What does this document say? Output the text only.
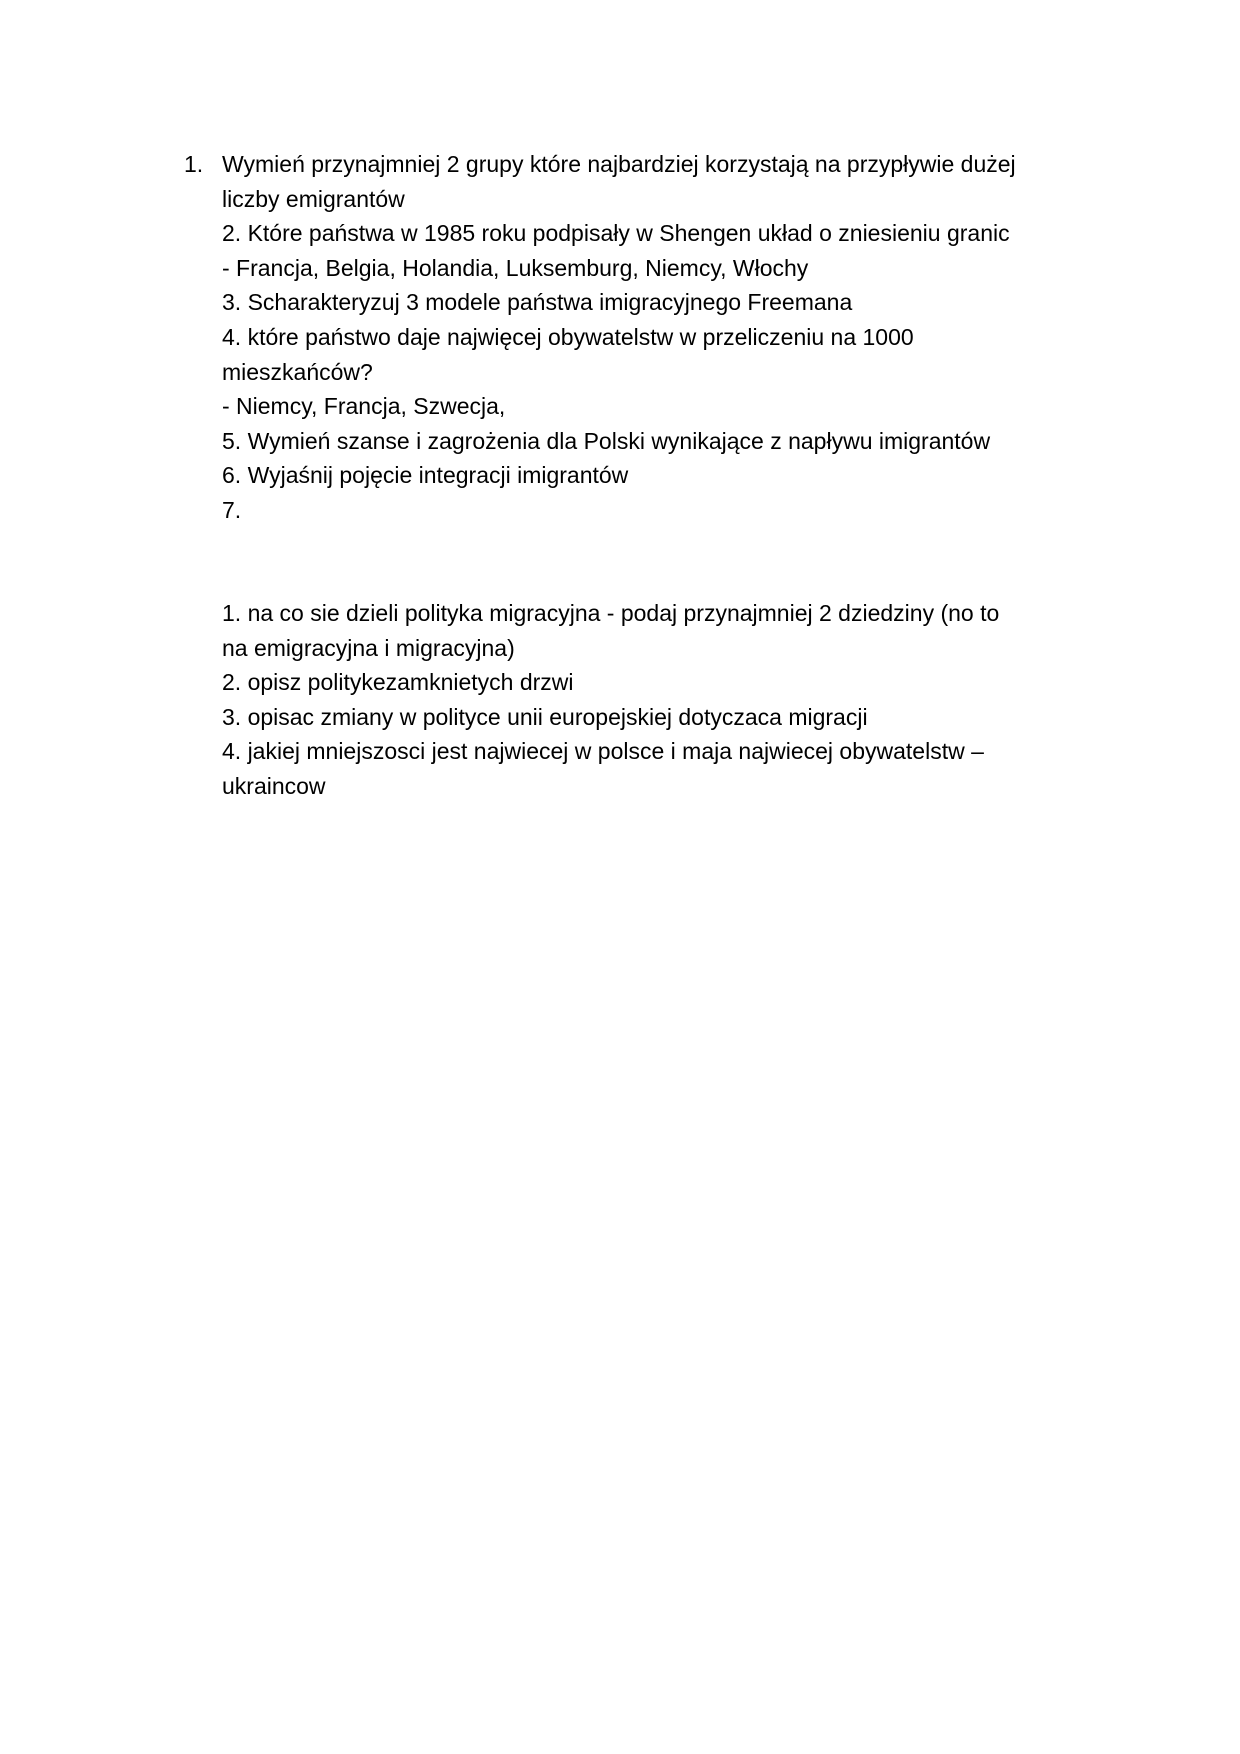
1. Wymień przynajmniej 2 grupy które najbardziej korzystają na przypływie dużej
liczby emigrantów
2. Które państwa w 1985 roku podpisały w Shengen układ o zniesieniu granic
- Francja, Belgia, Holandia, Luksemburg, Niemcy, Włochy
3. Scharakteryzuj 3 modele państwa imigracyjnego Freemana
4. które państwo daje najwięcej obywatelstw w przeliczeniu na 1000
mieszkańców?
- Niemcy, Francja, Szwecja,
5. Wymień szanse i zagrożenia dla Polski wynikające z napływu imigrantów
6. Wyjaśnij pojęcie integracji imigrantów
7.
1. na co sie dzieli polityka migracyjna - podaj przynajmniej 2 dziedziny (no to
na emigracyjna i migracyjna)
2. opisz politykezamknietych drzwi
3. opisac zmiany w polityce unii europejskiej dotyczaca migracji
4. jakiej mniejszosci jest najwiecej w polsce i maja najwiecej obywatelstw –
ukraincow
